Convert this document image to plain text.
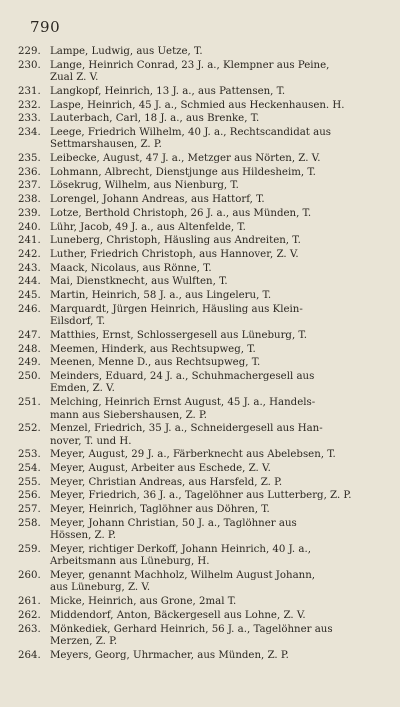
790
229. Lampe, Ludwig, aus Uetze, T.
230. Lange, Heinrich Conrad, 23 J. a., Klempner aus Peine,
Zual Z. V.
231. Langkopf, Heinrich, 13 J. a., aus Pattensen, T.
232. Laspe, Heinrich, 45 J. a., Schmied aus Heckenhausen. H.
233. Lauterbach, Carl, 18 J. a., aus Brenke, T.
234. Leege, Friedrich Wilhelm, 40 J. a., Rechtscandidat aus
Settmarshausen, Z. P.
235. Leibecke, August, 47 J. a., Metzger aus Nörten, Z. V.
236. Lohmann, Albrecht, Dienstjunge aus Hildesheim, T.
237. Lösekrug, Wilhelm, aus Nienburg, T.
238. Lorengel, Johann Andreas, aus Hattorf, T.
239. Lotze, Berthold Christoph, 26 J. a., aus Münden, T.
240. Lühr, Jacob, 49 J. a., aus Altenfelde, T.
241. Luneberg, Christoph, Häusling aus Andreiten, T.
242. Luther, Friedrich Christoph, aus Hannover, Z. V.
243. Maack, Nicolaus, aus Rönne, T.
244. Mai, Dienstknecht, aus Wulften, T.
245. Martin, Heinrich, 58 J. a., aus Lingeleru, T.
246. Marquardt, Jürgen Heinrich, Häusling aus Klein-
Eilsdorf, T.
247. Matthies, Ernst, Schlossergesell aus Lüneburg, T.
248. Meemen, Hinderk, aus Rechtsupweg, T.
249. Meenen, Menne D., aus Rechtsupweg, T.
250. Meinders, Eduard, 24 J. a., Schuhmachergesell aus
Emden, Z. V.
251. Melching, Heinrich Ernst August, 45 J. a., Handels-
mann aus Siebershausen, Z. P.
252. Menzel, Friedrich, 35 J. a., Schneidergesell aus Han-
nover, T. und H.
253. Meyer, August, 29 J. a., Färberknecht aus Abelebsen, T.
254. Meyer, August, Arbeiter aus Eschede, Z. V.
255. Meyer, Christian Andreas, aus Harsfeld, Z. P.
256. Meyer, Friedrich, 36 J. a., Tagelöhner aus Lutterberg, Z. P.
257. Meyer, Heinrich, Taglöhner aus Döhren, T.
258. Meyer, Johann Christian, 50 J. a., Taglöhner aus
Hössen, Z. P.
259. Meyer, richtiger Derkoff, Johann Heinrich, 40 J. a.,
Arbeitsmann aus Lüneburg, H.
260. Meyer, genannt Machholz, Wilhelm August Johann,
aus Lüneburg, Z. V.
261. Micke, Heinrich, aus Grone, 2mal T.
262. Middendorf, Anton, Bäckergesell aus Lohne, Z. V.
263. Mönkediek, Gerhard Heinrich, 56 J. a., Tagelöhner aus
Merzen, Z. P.
264. Meyers, Georg, Uhrmacher, aus Münden, Z. P.
